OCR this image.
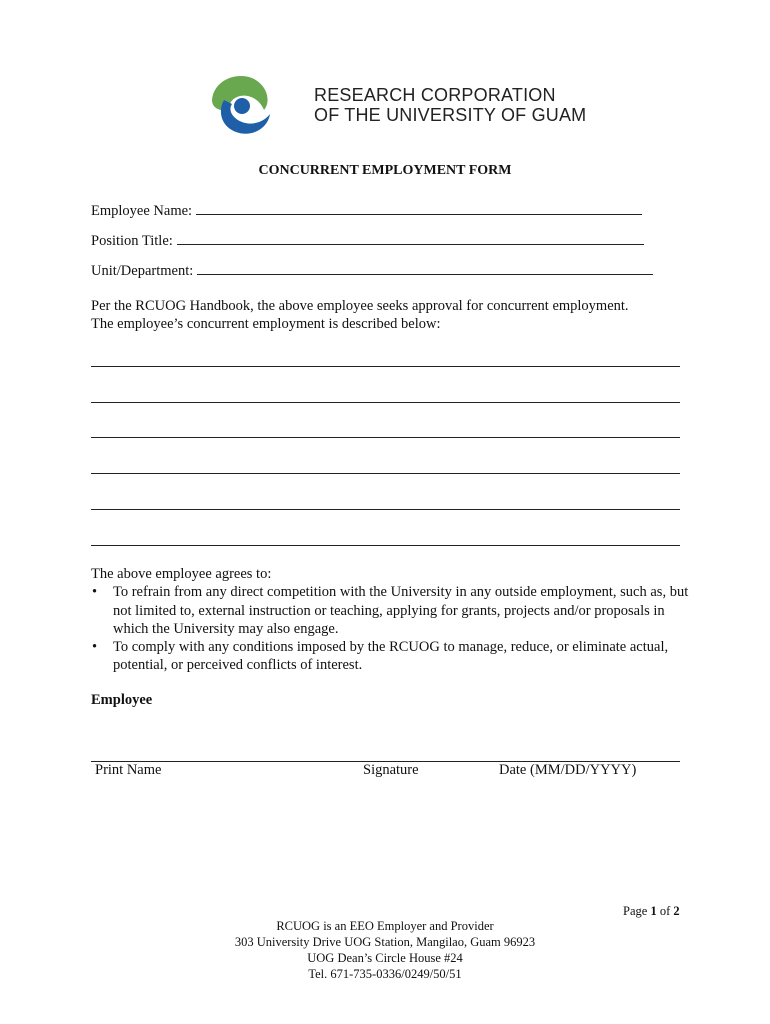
RESEARCH CORPORATION
OF THE UNIVERSITY OF GUAM
CONCURRENT EMPLOYMENT FORM
Employee Name:
Position Title:
Unit/Department:
Per the RCUOG Handbook, the above employee seeks approval for concurrent employment.
The employee’s concurrent employment is described below:
The above employee agrees to:
• To refrain from any direct competition with the University in any outside employment, such as, but not limited to, external instruction or teaching, applying for grants, projects and/or proposals in which the University may also engage.
• To comply with any conditions imposed by the RCUOG to manage, reduce, or eliminate actual, potential, or perceived conflicts of interest.
Employee
Print Name	Signature	Date (MM/DD/YYYY)
Page 1 of 2
RCUOG is an EEO Employer and Provider
303 University Drive UOG Station, Mangilao, Guam 96923
UOG Dean’s Circle House #24
Tel. 671-735-0336/0249/50/51
